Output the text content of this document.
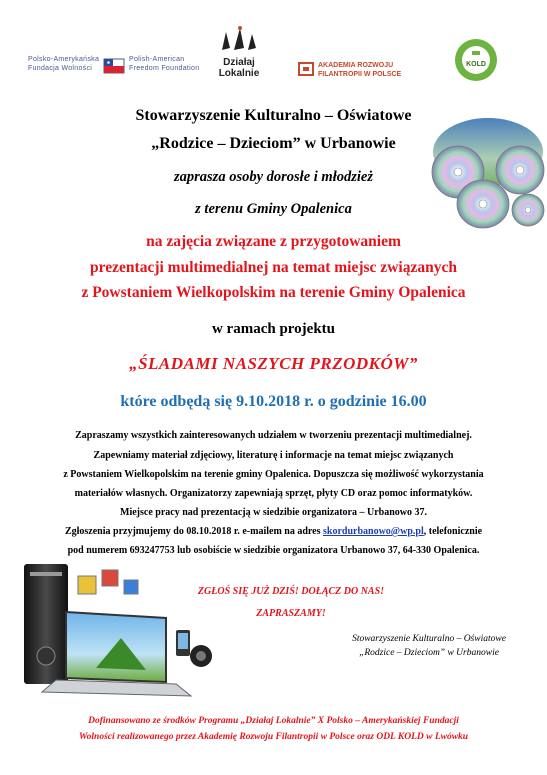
Polsko-Amerykańska
Fundacja Wolności
Polish-American
Freedom Foundation
Działaj
Lokalnie
AKADEMIA ROZWOJU
FILANTROPII W POLSCE
KOLD
Stowarzyszenie Kulturalno – Oświatowe
„Rodzice – Dzieciom” w Urbanowie
zaprasza osoby dorosłe i młodzież
z terenu Gminy Opalenica
na zajęcia związane z przygotowaniem
prezentacji multimedialnej na temat miejsc związanych
z Powstaniem Wielkopolskim na terenie Gminy Opalenica
w ramach projektu
„ŚLADAMI NASZYCH PRZODKÓW”
które odbędą się 9.10.2018 r. o godzinie 16.00
Zapraszamy wszystkich zainteresowanych udziałem w tworzeniu prezentacji multimedialnej.
Zapewniamy materiał zdjęciowy, literaturę i informacje na temat miejsc związanych
z Powstaniem Wielkopolskim na terenie gminy Opalenica. Dopuszcza się możliwość wykorzystania
materiałów własnych. Organizatorzy zapewniają sprzęt, płyty CD oraz pomoc informatyków.
Miejsce pracy nad prezentacją w siedzibie organizatora – Urbanowo 37.
Zgłoszenia przyjmujemy do 08.10.2018 r. e-mailem na adres skordurbanowo@wp.pl, telefonicznie
pod numerem 693247753 lub osobiście w siedzibie organizatora Urbanowo 37, 64-330 Opalenica.
ZGŁOŚ SIĘ JUŻ DZIŚ! DOŁĄCZ DO NAS!
ZAPRASZAMY!
Stowarzyszenie Kulturalno – Oświatowe
„Rodzice – Dzieciom” w Urbanowie
Dofinansowano ze środków Programu „Działaj Lokalnie” X Polsko – Amerykańskiej Fundacji
Wolności realizowanego przez Akademię Rozwoju Filantropii w Polsce oraz ODL KOLD w Lwówku
